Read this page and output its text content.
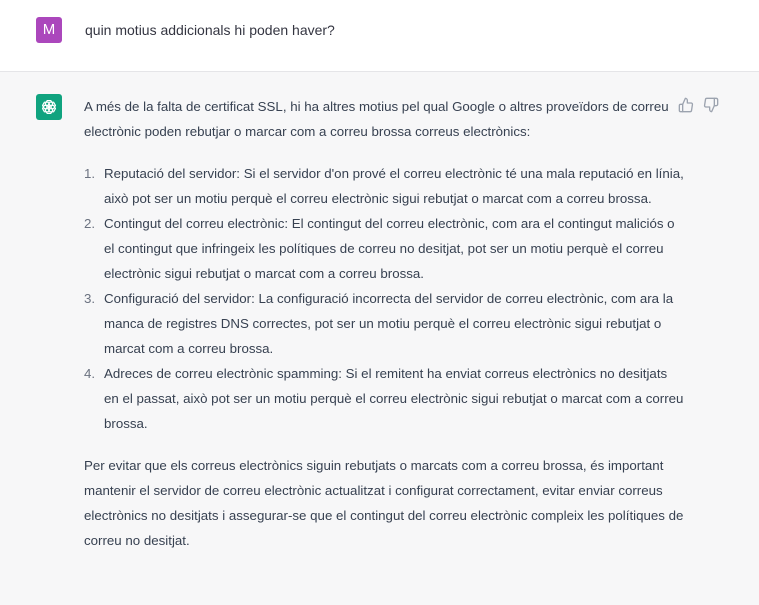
M	quin motius addicionals hi poden haver?

A més de la falta de certificat SSL, hi ha altres motius pel qual Google o altres proveïdors de correu electrònic poden rebutjar o marcar com a correu brossa correus electrònics:

1. Reputació del servidor: Si el servidor d'on prové el correu electrònic té una mala reputació en línia, això pot ser un motiu perquè el correu electrònic sigui rebutjat o marcat com a correu brossa.
2. Contingut del correu electrònic: El contingut del correu electrònic, com ara el contingut maliciós o el contingut que infringeix les polítiques de correu no desitjat, pot ser un motiu perquè el correu electrònic sigui rebutjat o marcat com a correu brossa.
3. Configuració del servidor: La configuració incorrecta del servidor de correu electrònic, com ara la manca de registres DNS correctes, pot ser un motiu perquè el correu electrònic sigui rebutjat o marcat com a correu brossa.
4. Adreces de correu electrònic spamming: Si el remitent ha enviat correus electrònics no desitjats en el passat, això pot ser un motiu perquè el correu electrònic sigui rebutjat o marcat com a correu brossa.

Per evitar que els correus electrònics siguin rebutjats o marcats com a correu brossa, és important mantenir el servidor de correu electrònic actualitzat i configurat correctament, evitar enviar correus electrònics no desitjats i assegurar-se que el contingut del correu electrònic compleix les polítiques de correu no desitjat.
